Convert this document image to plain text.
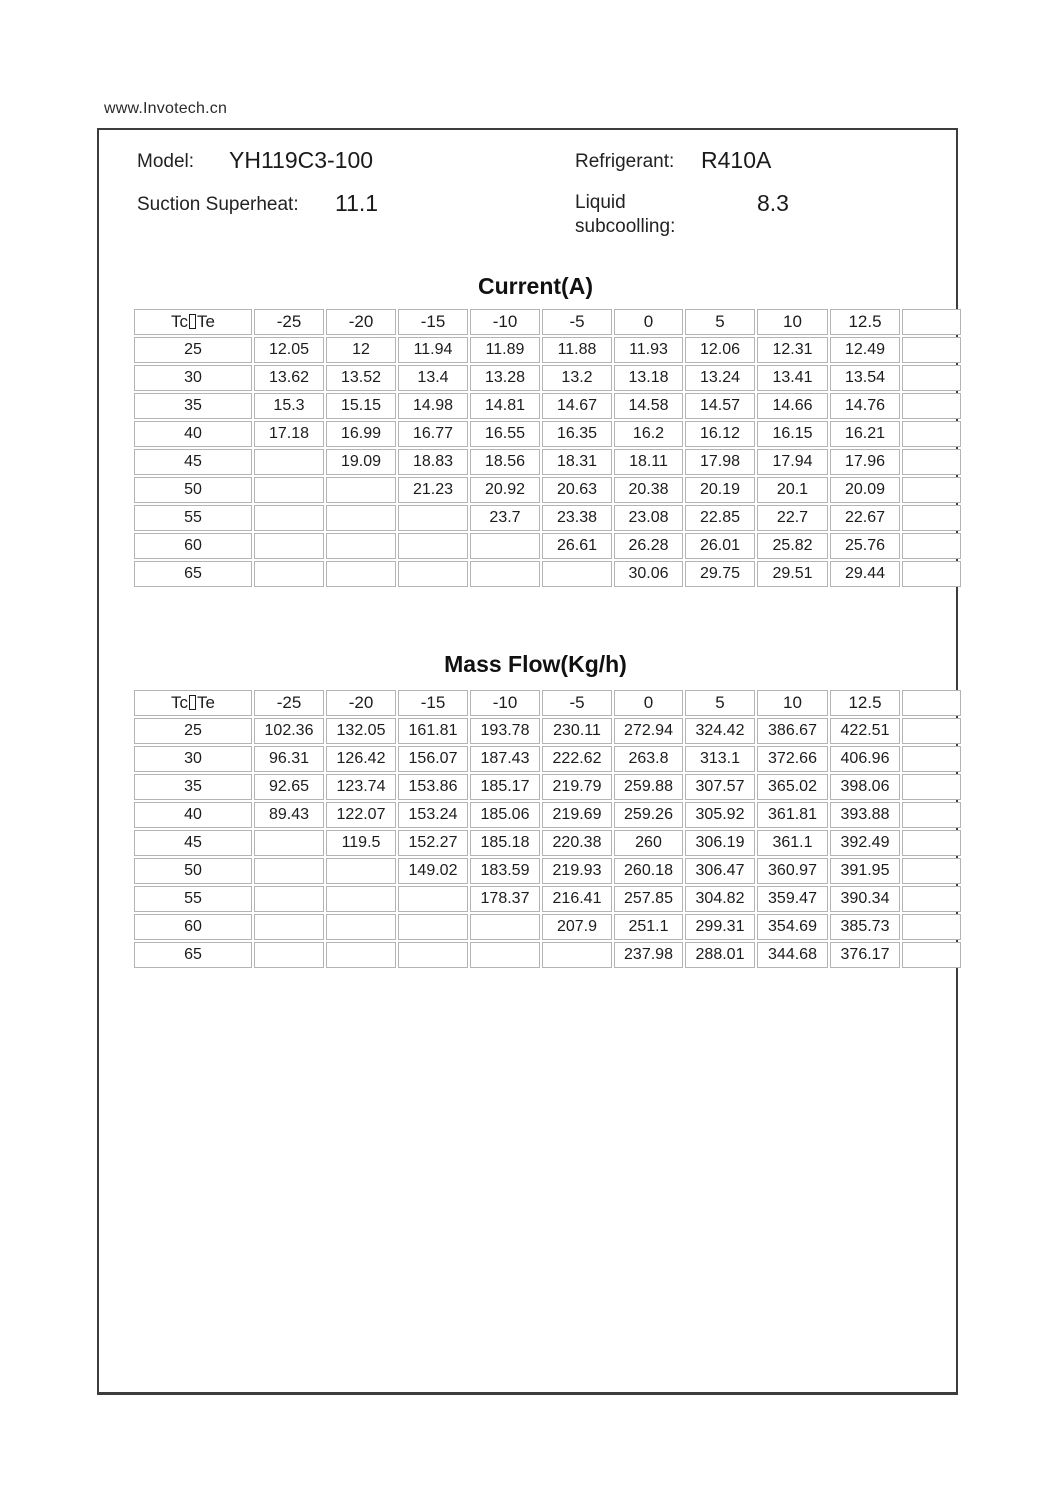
www.Invotech.cn
Model: YH119C3-100	Refrigerant: R410A
Suction Superheat: 11.1	Liquid subcoolling:
8.3
Current(A)
Tc Te	-25	-20	-15	-10	-5	0	5	10	12.5	
25	12.05	12	11.94	11.89	11.88	11.93	12.06	12.31	12.49	
30	13.62	13.52	13.4	13.28	13.2	13.18	13.24	13.41	13.54	
35	15.3	15.15	14.98	14.81	14.67	14.58	14.57	14.66	14.76	
40	17.18	16.99	16.77	16.55	16.35	16.2	16.12	16.15	16.21	
45		19.09	18.83	18.56	18.31	18.11	17.98	17.94	17.96	
50			21.23	20.92	20.63	20.38	20.19	20.1	20.09	
55				23.7	23.38	23.08	22.85	22.7	22.67	
60					26.61	26.28	26.01	25.82	25.76	
65						30.06	29.75	29.51	29.44	
Mass Flow(Kg/h)
Tc Te	-25	-20	-15	-10	-5	0	5	10	12.5	
25	102.36	132.05	161.81	193.78	230.11	272.94	324.42	386.67	422.51	
30	96.31	126.42	156.07	187.43	222.62	263.8	313.1	372.66	406.96	
35	92.65	123.74	153.86	185.17	219.79	259.88	307.57	365.02	398.06	
40	89.43	122.07	153.24	185.06	219.69	259.26	305.92	361.81	393.88	
45		119.5	152.27	185.18	220.38	260	306.19	361.1	392.49	
50			149.02	183.59	219.93	260.18	306.47	360.97	391.95	
55				178.37	216.41	257.85	304.82	359.47	390.34	
60					207.9	251.1	299.31	354.69	385.73	
65						237.98	288.01	344.68	376.17	
